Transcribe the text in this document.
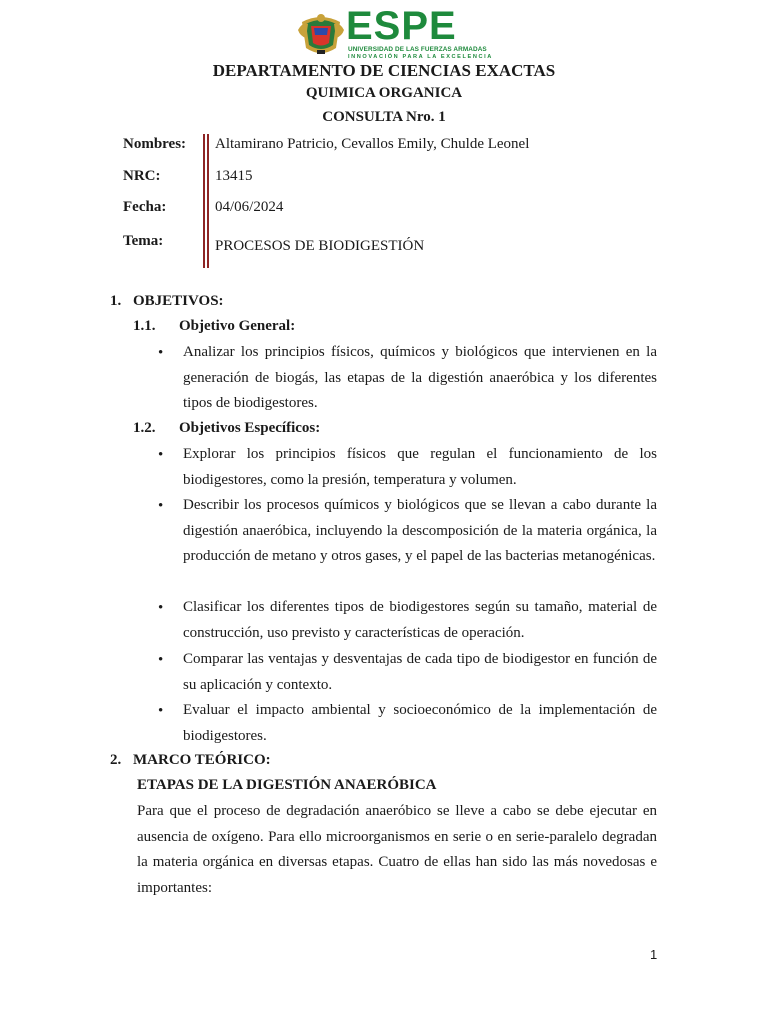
ESPE
UNIVERSIDAD DE LAS FUERZAS ARMADAS
INNOVACIÓN PARA LA EXCELENCIA
DEPARTAMENTO DE CIENCIAS EXACTAS
QUIMICA ORGANICA
CONSULTA Nro. 1
Nombres: Altamirano Patricio, Cevallos Emily, Chulde Leonel
NRC:	13415
Fecha:	04/06/2024
Tema:	PROCESOS DE BIODIGESTIÓN
1. OBJETIVOS:
1.1. Objetivo General:
• Analizar los principios físicos, químicos y biológicos que intervienen en la generación de biogás, las etapas de la digestión anaeróbica y los diferentes tipos de biodigestores.
1.2. Objetivos Específicos:
• Explorar los principios físicos que regulan el funcionamiento de los biodigestores, como la presión, temperatura y volumen.
• Describir los procesos químicos y biológicos que se llevan a cabo durante la digestión anaeróbica, incluyendo la descomposición de la materia orgánica, la producción de metano y otros gases, y el papel de las bacterias metanogénicas.
• Clasificar los diferentes tipos de biodigestores según su tamaño, material de construcción, uso previsto y características de operación.
• Comparar las ventajas y desventajas de cada tipo de biodigestor en función de su aplicación y contexto.
• Evaluar el impacto ambiental y socioeconómico de la implementación de biodigestores.
2. MARCO TEÓRICO:
ETAPAS DE LA DIGESTIÓN ANAERÓBICA
Para que el proceso de degradación anaeróbico se lleve a cabo se debe ejecutar en ausencia de oxígeno. Para ello microorganismos en serie o en serie-paralelo degradan la materia orgánica en diversas etapas. Cuatro de ellas han sido las más novedosas e importantes:
1
